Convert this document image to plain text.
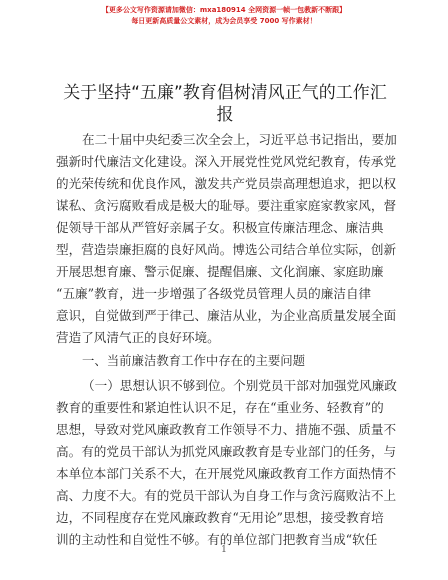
【更多公文写作资源请加微信：mxa180914 全网资源一帧一包教新不断跟】
每日更新高质量公文素材，成为会员享受 7000 写作素材！
关于坚持“五廉”教育倡树清风正气的工作汇
报
在二十届中央纪委三次全会上，习近平总书记指出，要加
强新时代廉洁文化建设。深入开展党性党风党纪教育，传承党
的光荣传统和优良作风，激发共产党员崇高理想追求，把以权
谋私、贪污腐败看成是极大的耻辱。要注重家庭家教家风，督
促领导干部从严管好亲属子女。积极宣传廉洁理念、廉洁典
型，营造崇廉拒腐的良好风尚。博选公司结合单位实际，创新
开展思想育廉、警示促廉、提醒倡廉、文化润廉、家庭助廉
“五廉”教育，进一步增强了各级党员管理人员的廉洁自律
意识，自觉做到严于律己、廉洁从业，为企业高质量发展全面
营造了风清气正的良好环境。
一、当前廉洁教育工作中存在的主要问题
（一）思想认识不够到位。个别党员干部对加强党风廉政
教育的重要性和紧迫性认识不足，存在“重业务、轻教育”的
思想，导致对党风廉政教育工作领导不力、措施不强、质量不
高。有的党员干部认为抓党风廉政教育是专业部门的任务，与
本单位本部门关系不大，在开展党风廉政教育工作方面热情不
高、力度不大。有的党员干部认为自身工作与贪污腐败沾不上
边，不同程度存在党风廉政教育“无用论”思想，接受教育培
训的主动性和自觉性不够。有的单位部门把教育当成“软任
1
